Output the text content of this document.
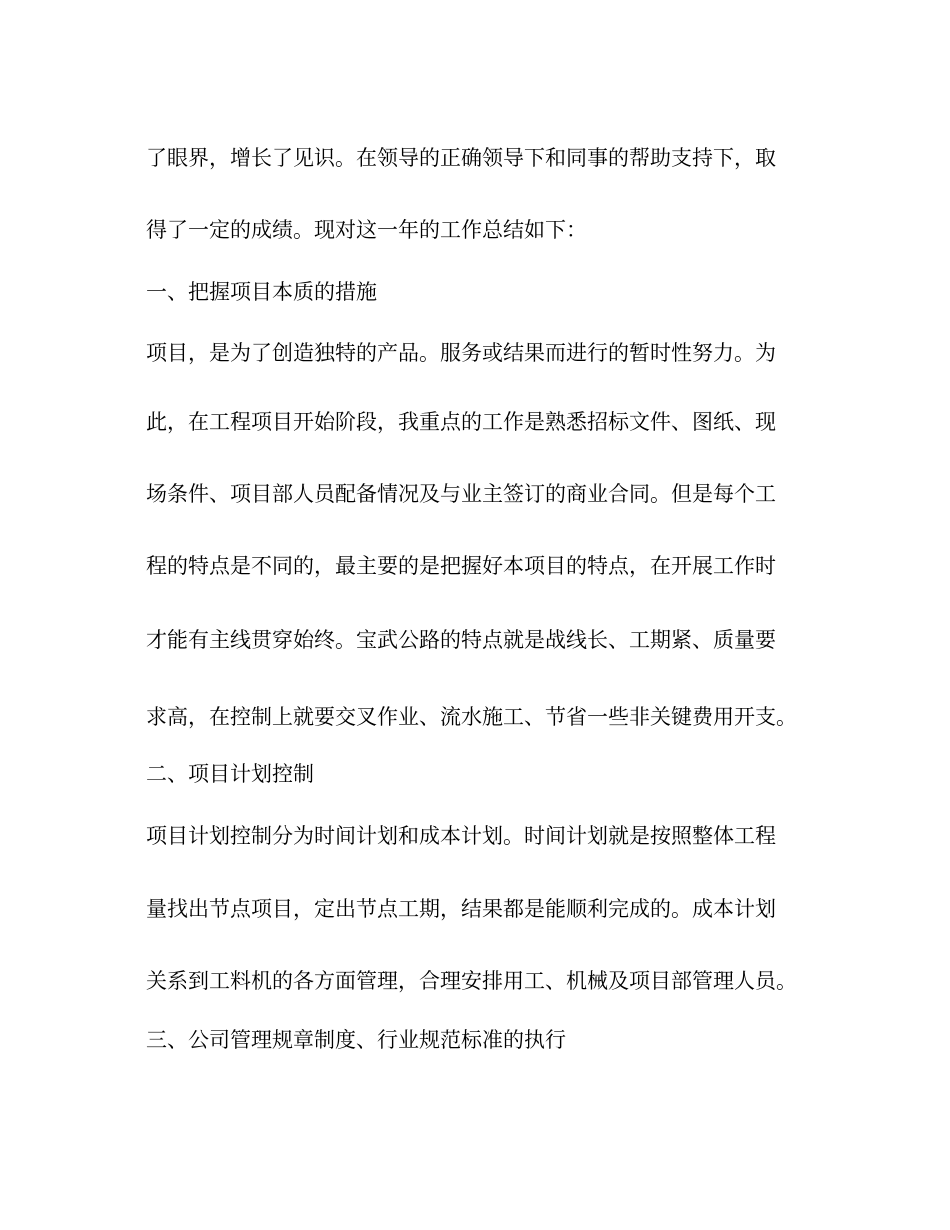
了眼界，增长了见识。在领导的正确领导下和同事的帮助支持下，取
得了一定的成绩。现对这一年的工作总结如下：
一、把握项目本质的措施
项目，是为了创造独特的产品。服务或结果而进行的暂时性努力。为
此，在工程项目开始阶段，我重点的工作是熟悉招标文件、图纸、现
场条件、项目部人员配备情况及与业主签订的商业合同。但是每个工
程的特点是不同的，最主要的是把握好本项目的特点，在开展工作时
才能有主线贯穿始终。宝武公路的特点就是战线长、工期紧、质量要
求高，在控制上就要交叉作业、流水施工、节省一些非关键费用开支。
二、项目计划控制
项目计划控制分为时间计划和成本计划。时间计划就是按照整体工程
量找出节点项目，定出节点工期，结果都是能顺利完成的。成本计划
关系到工料机的各方面管理，合理安排用工、机械及项目部管理人员。
三、公司管理规章制度、行业规范标准的执行
